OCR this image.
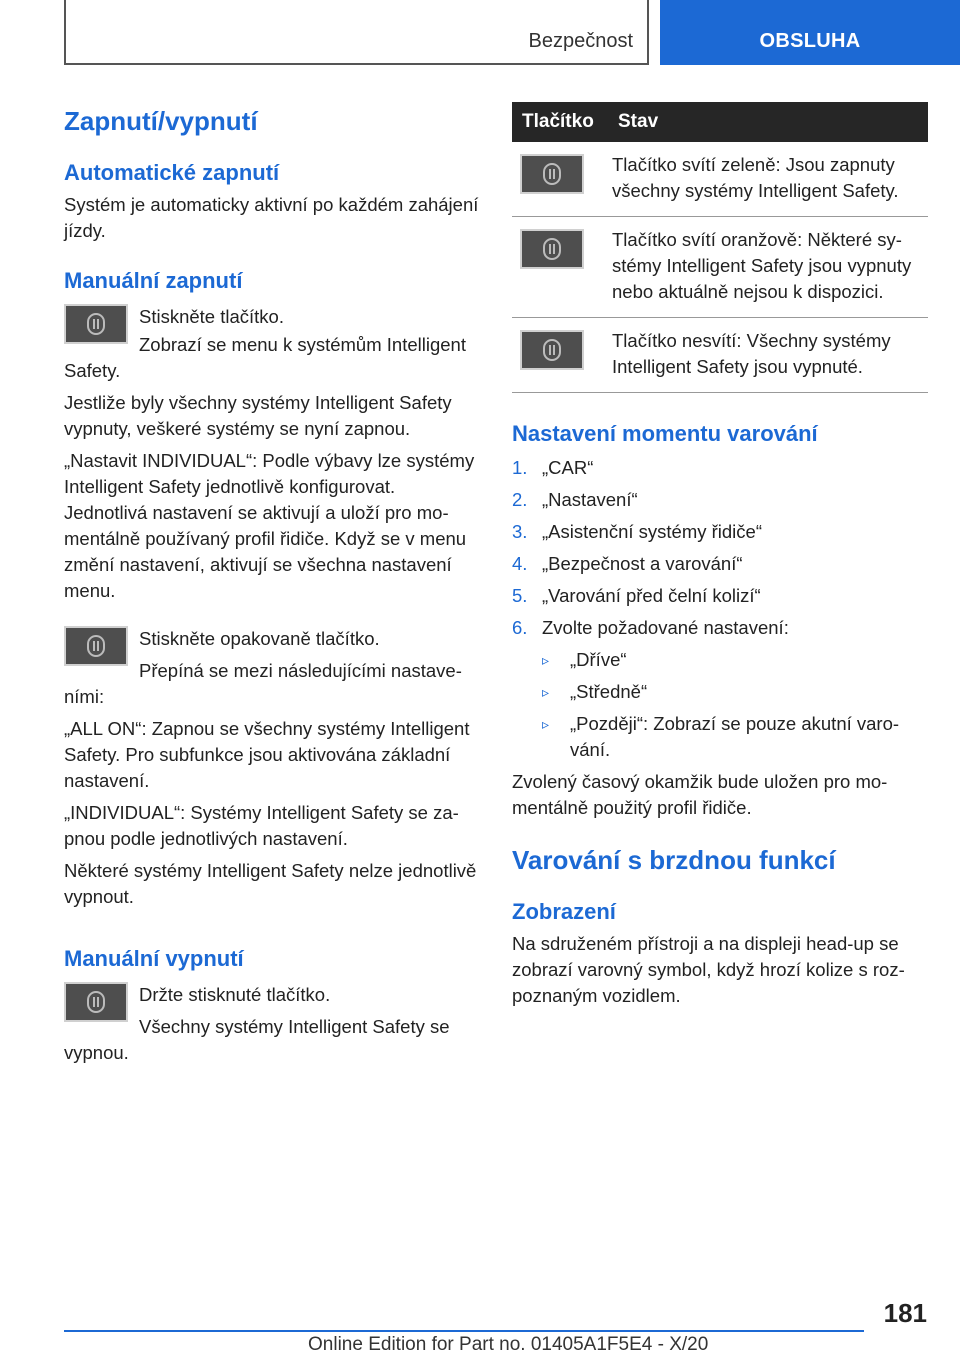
Bezpečnost	OBSLUHA
Zapnutí/vypnutí
Automatické zapnutí

Systém je automaticky aktivní po každém zahájení jízdy.

Manuální zapnutí

Stiskněte tlačítko.

Zobrazí se menu k systémům Intelligent Safety.

Jestliže byly všechny systémy Intelligent Safety vypnuty, veškeré systémy se nyní zapnou.

„Nastavit INDIVIDUAL“: Podle výbavy lze systémy Intelligent Safety jednotlivě konfigurovat. Jednotlivá nastavení se aktivují a uloží pro momentálně používaný profil řidiče. Když se v menu změní nastavení, aktivují se všechna nastavení menu.

Stiskněte opakovaně tlačítko.

Přepíná se mezi následujícími nastaveními:

„ALL ON“: Zapnou se všechny systémy Intelligent Safety. Pro subfunkce jsou aktivována základní nastavení.

„INDIVIDUAL“: Systémy Intelligent Safety se zapnou podle jednotlivých nastavení.

Některé systémy Intelligent Safety nelze jednotlivě vypnout.

Manuální vypnutí

Držte stisknuté tlačítko.

Všechny systémy Intelligent Safety se vypnou.

Tlačítko	Stav

	Tlačítko svítí zeleně: Jsou zapnuty všechny systémy Intelligent Safety.

	Tlačítko svítí oranžově: Některé systémy Intelligent Safety jsou vypnuty nebo aktuálně nejsou k dispozici.

	Tlačítko nesvítí: Všechny systémy Intelligent Safety jsou vypnuté.
Nastavení momentu varování
1. „CAR“
2. „Nastavení“
3. „Asistenční systémy řidiče“
4. „Bezpečnost a varování“
5. „Varování před čelní kolizí“
6. Zvolte požadované nastavení:
▹ „Dříve“
▹ „Středně“
▹ „Později“: Zobrazí se pouze akutní varování.

Zvolený časový okamžik bude uložen pro momentálně použitý profil řidiče.

Varování s brzdnou funkcí
Zobrazení

Na sdruženém přístroji a na displeji head-up se zobrazí varovný symbol, když hrozí kolize s rozpoznaným vozidlem.

181
Online Edition for Part no. 01405A1F5E4 - X/20
